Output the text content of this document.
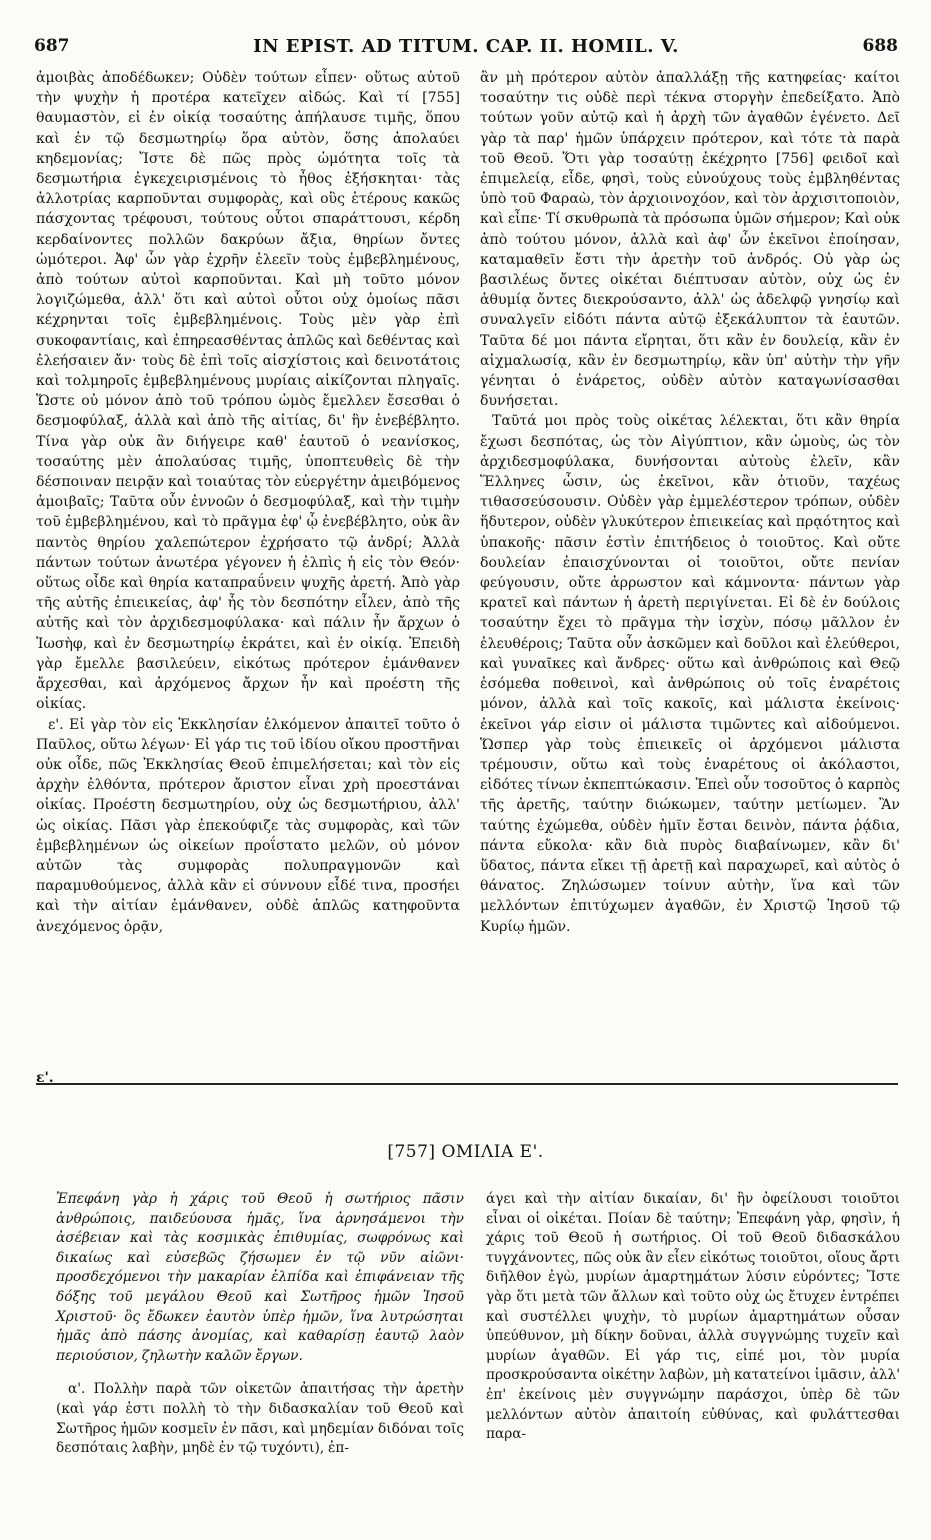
687	IN EPIST. AD TITUM. CAP. II. HOMIL. V.	688

ἀμοιβὰς ἀποδέδωκεν; Οὐδὲν τούτων εἶπεν· οὕτως αὐτοῦ τὴν ψυχὴν ἡ προτέρα κατεῖχεν αἰδώς. Καὶ τί [755] θαυμαστὸν, εἰ ἐν οἰκίᾳ τοσαύτης ἀπήλαυσε τιμῆς, ὅπου καὶ ἐν τῷ δεσμωτηρίῳ ὅρα αὐτὸν, ὅσης ἀπολαύει κηδεμονίας; Ἴστε δὲ πῶς πρὸς ὠμότητα τοῖς τὰ δεσμωτήρια ἐγκεχειρισμένοις τὸ ἦθος ἐξήσκηται· τὰς ἀλλοτρίας καρποῦνται συμφορὰς, καὶ οὓς ἑτέρους κακῶς πάσχοντας τρέφουσι, τούτους οὗτοι σπαράττουσι, κέρδη κερδαίνοντες πολλῶν δακρύων ἄξια, θηρίων ὄντες ὠμότεροι. Ἀφ' ὧν γὰρ ἐχρῆν ἐλεεῖν τοὺς ἐμβεβλημένους, ἀπὸ τούτων αὐτοὶ καρποῦνται. Καὶ μὴ τοῦτο μόνον λογιζώμεθα, ἀλλ' ὅτι καὶ αὐτοὶ οὗτοι οὐχ ὁμοίως πᾶσι κέχρηνται τοῖς ἐμβεβλημένοις. Τοὺς μὲν γὰρ ἐπὶ συκοφαντίαις, καὶ ἐπηρεασθέντας ἁπλῶς καὶ δεθέντας καὶ ἐλεήσαιεν ἄν· τοὺς δὲ ἐπὶ τοῖς αἰσχίστοις καὶ δεινοτάτοις καὶ τολμηροῖς ἐμβεβλημένους μυρίαις αἰκίζονται πληγαῖς. Ὥστε οὐ μόνον ἀπὸ τοῦ τρόπου ὠμὸς ἔμελλεν ἔσεσθαι ὁ δεσμοφύλαξ, ἀλλὰ καὶ ἀπὸ τῆς αἰτίας, δι' ἣν ἐνεβέβλητο. Τίνα γὰρ οὐκ ἂν διήγειρε καθ' ἑαυτοῦ ὁ νεανίσκος, τοσαύτης μὲν ἀπολαύσας τιμῆς, ὑποπτευθεὶς δὲ τὴν δέσποιναν πειρᾷν καὶ τοιαύτας τὸν εὐεργέτην ἀμειβόμενος ἀμοιβαῖς; Ταῦτα οὖν ἐννοῶν ὁ δεσμοφύλαξ, καὶ τὴν τιμὴν τοῦ ἐμβεβλημένου, καὶ τὸ πρᾶγμα ἐφ' ᾧ ἐνεβέβλητο, οὐκ ἂν παντὸς θηρίου χαλεπώτερον ἐχρήσατο τῷ ἀνδρί; Ἀλλὰ πάντων τούτων ἀνωτέρα γέγονεν ἡ ἐλπὶς ἡ εἰς τὸν Θεόν· οὕτως οἶδε καὶ θηρία καταπραΰνειν ψυχῆς ἀρετή. Ἀπὸ γὰρ τῆς αὐτῆς ἐπιεικείας, ἀφ' ἧς τὸν δεσπότην εἷλεν, ἀπὸ τῆς αὐτῆς καὶ τὸν ἀρχιδεσμοφύλακα· καὶ πάλιν ἦν ἄρχων ὁ Ἰωσὴφ, καὶ ἐν δεσμωτηρίῳ ἐκράτει, καὶ ἐν οἰκίᾳ. Ἐπειδὴ γὰρ ἔμελλε βασιλεύειν, εἰκότως πρότερον ἐμάνθανεν ἄρχεσθαι, καὶ ἀρχόμενος ἄρχων ἦν καὶ προέστη τῆς οἰκίας.

ε'. Εἰ γὰρ τὸν εἰς Ἐκκλησίαν ἐλκόμενον ἀπαιτεῖ τοῦτο ὁ Παῦλος, οὕτω λέγων· Εἰ γάρ τις τοῦ ἰδίου οἴκου προστῆναι οὐκ οἶδε, πῶς Ἐκκλησίας Θεοῦ ἐπιμελήσεται; καὶ τὸν εἰς ἀρχὴν ἐλθόντα, πρότερον ἄριστον εἶναι χρὴ προεστάναι οἰκίας. Προέστη δεσμωτηρίου, οὐχ ὡς δεσμωτήριου, ἀλλ' ὡς οἰκίας. Πᾶσι γὰρ ἐπεκούφιζε τὰς συμφορὰς, καὶ τῶν ἐμβεβλημένων ὡς οἰκείων προΐστατο μελῶν, οὐ μόνον αὐτῶν τὰς συμφορὰς πολυπραγμονῶν καὶ παραμυθούμενος, ἀλλὰ κἂν εἰ σύννουν εἶδέ τινα, προσήει καὶ τὴν αἰτίαν ἐμάνθανεν, οὐδὲ ἁπλῶς κατηφοῦντα ἀνεχόμενος ὁρᾷν,

ἂν μὴ πρότερον αὐτὸν ἀπαλλάξῃ τῆς κατηφείας· καίτοι τοσαύτην τις οὐδὲ περὶ τέκνα στοργὴν ἐπεδείξατο. Ἀπὸ τούτων γοῦν αὐτῷ καὶ ἡ ἀρχὴ τῶν ἀγαθῶν ἐγένετο. Δεῖ γὰρ τὰ παρ' ἡμῶν ὑπάρχειν πρότερον, καὶ τότε τὰ παρὰ τοῦ Θεοῦ. Ὅτι γὰρ τοσαύτῃ ἐκέχρητο [756] φειδοῖ καὶ ἐπιμελείᾳ, εἶδε, φησὶ, τοὺς εὐνούχους τοὺς ἐμβληθέντας ὑπὸ τοῦ Φαραὼ, τὸν ἀρχιοινοχόον, καὶ τὸν ἀρχισιτοποιὸν, καὶ εἶπε· Τί σκυθρωπὰ τὰ πρόσωπα ὑμῶν σήμερον; Καὶ οὐκ ἀπὸ τούτου μόνον, ἀλλὰ καὶ ἀφ' ὧν ἐκεῖνοι ἐποίησαν, καταμαθεῖν ἔστι τὴν ἀρετὴν τοῦ ἀνδρός. Οὐ γὰρ ὡς βασιλέως ὄντες οἰκέται διέπτυσαν αὐτὸν, οὐχ ὡς ἐν ἀθυμίᾳ ὄντες διεκρούσαντο, ἀλλ' ὡς ἀδελφῷ γνησίῳ καὶ συναλγεῖν εἰδότι πάντα αὐτῷ ἐξεκάλυπτον τὰ ἑαυτῶν. Ταῦτα δέ μοι πάντα εἴρηται, ὅτι κἂν ἐν δουλείᾳ, κἂν ἐν αἰχμαλωσίᾳ, κἂν ἐν δεσμωτηρίῳ, κἂν ὑπ' αὐτὴν τὴν γῆν γένηται ὁ ἐνάρετος, οὐδὲν αὐτὸν καταγωνίσασθαι δυνήσεται.

Ταῦτά μοι πρὸς τοὺς οἰκέτας λέλεκται, ὅτι κἂν θηρία ἔχωσι δεσπότας, ὡς τὸν Αἰγύπτιον, κἂν ὠμοὺς, ὡς τὸν ἀρχιδεσμοφύλακα, δυνήσονται αὐτοὺς ἐλεῖν, κἂν Ἕλληνες ὦσιν, ὡς ἐκεῖνοι, κἂν ὁτιοῦν, ταχέως τιθασσεύσουσιν. Οὐδὲν γὰρ ἐμμελέστερον τρόπων, οὐδὲν ἥδυτερον, οὐδὲν γλυκύτερον ἐπιεικείας καὶ πρᾳότητος καὶ ὑπακοῆς· πᾶσιν ἐστὶν ἐπιτήδειος ὁ τοιοῦτος. Καὶ οὔτε δουλείαν ἐπαισχύνονται οἱ τοιοῦτοι, οὔτε πενίαν φεύγουσιν, οὔτε ἀρρωστον καὶ κάμνοντα· πάντων γὰρ κρατεῖ καὶ πάντων ἡ ἀρετὴ περιγίνεται. Εἰ δὲ ἐν δούλοις τοσαύτην ἔχει τὸ πρᾶγμα τὴν ἰσχὺν, πόσῳ μᾶλλον ἐν ἐλευθέροις; Ταῦτα οὖν ἀσκῶμεν καὶ δοῦλοι καὶ ἐλεύθεροι, καὶ γυναῖκες καὶ ἄνδρες· οὕτω καὶ ἀνθρώποις καὶ Θεῷ ἐσόμεθα ποθεινοὶ, καὶ ἀνθρώποις οὐ τοῖς ἐναρέτοις μόνον, ἀλλὰ καὶ τοῖς κακοῖς, καὶ μάλιστα ἐκείνοις· ἐκεῖνοι γάρ εἰσιν οἱ μάλιστα τιμῶντες καὶ αἰδούμενοι. Ὥσπερ γὰρ τοὺς ἐπιεικεῖς οἱ ἀρχόμενοι μάλιστα τρέμουσιν, οὕτω καὶ τοὺς ἐναρέτους οἱ ἀκόλαστοι, εἰδότες τίνων ἐκπεπτώκασιν. Ἐπεὶ οὖν τοσοῦτος ὁ καρπὸς τῆς ἀρετῆς, ταύτην διώκωμεν, ταύτην μετίωμεν. Ἂν ταύτης ἐχώμεθα, οὐδὲν ἡμῖν ἔσται δεινὸν, πάντα ῥᾴδια, πάντα εὔκολα· κἂν διὰ πυρὸς διαβαίνωμεν, κἂν δι' ὕδατος, πάντα εἴκει τῇ ἀρετῇ καὶ παραχωρεῖ, καὶ αὐτὸς ὁ θάνατος. Ζηλώσωμεν τοίνυν αὐτὴν, ἵνα καὶ τῶν μελλόντων ἐπιτύχωμεν ἀγαθῶν, ἐν Χριστῷ Ἰησοῦ τῷ Κυρίῳ ἡμῶν.

ε'.
[757] ΟΜΙΛΙΑ Ε'.

Ἐπεφάνη γὰρ ἡ χάρις τοῦ Θεοῦ ἡ σωτήριος πᾶσιν ἀνθρώποις, παιδεύουσα ἡμᾶς, ἵνα ἀρνησάμενοι τὴν ἀσέβειαν καὶ τὰς κοσμικὰς ἐπιθυμίας, σωφρόνως καὶ δικαίως καὶ εὐσεβῶς ζήσωμεν ἐν τῷ νῦν αἰῶνι· προσδεχόμενοι τὴν μακαρίαν ἐλπίδα καὶ ἐπιφάνειαν τῆς δόξης τοῦ μεγάλου Θεοῦ καὶ Σωτῆρος ἡμῶν Ἰησοῦ Χριστοῦ· ὃς ἔδωκεν ἑαυτὸν ὑπὲρ ἡμῶν, ἵνα λυτρώσηται ἡμᾶς ἀπὸ πάσης ἀνομίας, καὶ καθαρίσῃ ἑαυτῷ λαὸν περιούσιον, ζηλωτὴν καλῶν ἔργων.

α'. Πολλὴν παρὰ τῶν οἰκετῶν ἀπαιτήσας τὴν ἀρετὴν (καὶ γάρ ἐστι πολλὴ τὸ τὴν διδασκαλίαν τοῦ Θεοῦ καὶ Σωτῆρος ἡμῶν κοσμεῖν ἐν πᾶσι, καὶ μηδεμίαν διδόναι τοῖς δεσπόταις λαβὴν, μηδὲ ἐν τῷ τυχόντι), ἐπ-

άγει καὶ τὴν αἰτίαν δικαίαν, δι' ἣν ὀφείλουσι τοιοῦτοι εἶναι οἱ οἰκέται. Ποίαν δὲ ταύτην; Ἐπεφάνη γὰρ, φησὶν, ἡ χάρις τοῦ Θεοῦ ἡ σωτήριος. Οἱ τοῦ Θεοῦ διδασκάλου τυγχάνοντες, πῶς οὐκ ἂν εἶεν εἰκότως τοιοῦτοι, οἵους ἄρτι διῆλθον ἐγὼ, μυρίων ἁμαρτημάτων λύσιν εὑρόντες; Ἴστε γὰρ ὅτι μετὰ τῶν ἄλλων καὶ τοῦτο οὐχ ὡς ἔτυχεν ἐντρέπει καὶ συστέλλει ψυχὴν, τὸ μυρίων ἁμαρτημάτων οὖσαν ὑπεύθυνον, μὴ δίκην δοῦναι, ἀλλὰ συγγνώμης τυχεῖν καὶ μυρίων ἀγαθῶν. Εἰ γάρ τις, εἰπέ μοι, τὸν μυρία προσκρούσαντα οἰκέτην λαβὼν, μὴ κατατείνοι ἱμᾶσιν, ἀλλ' ἐπ' ἐκείνοις μὲν συγγνώμην παράσχοι, ὑπὲρ δὲ τῶν μελλόντων αὐτὸν ἀπαιτοίη εὐθύνας, καὶ φυλάττεσθαι παρα-
